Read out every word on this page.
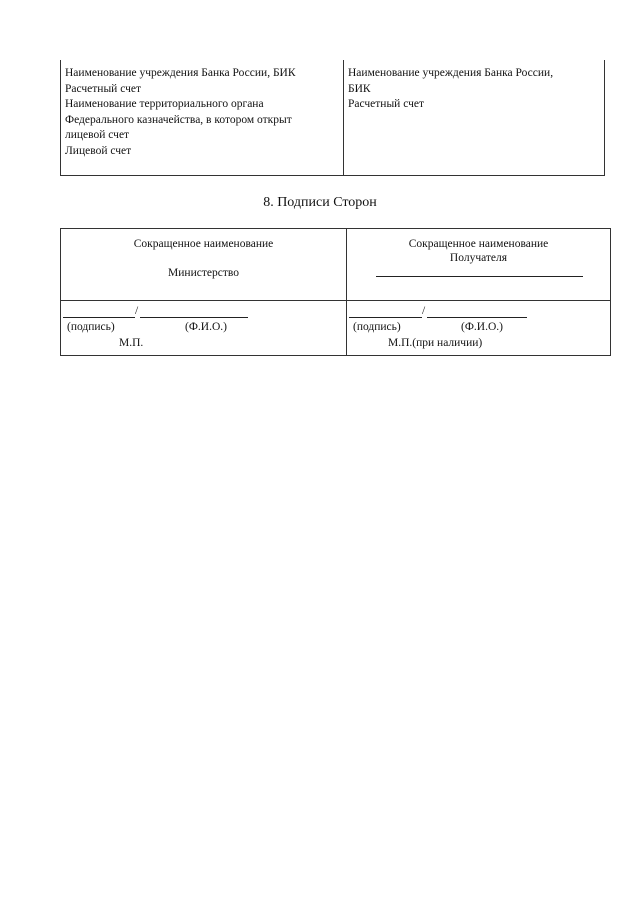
Наименование учреждения Банка России, БИК
Расчетный счет
Наименование территориального органа
Федерального казначейства, в котором открыт
лицевой счет
Лицевой счет
Наименование учреждения Банка России,
БИК
Расчетный счет
8. Подписи Сторон
Сокращенное наименование
Министерство
Сокращенное наименование
Получателя
/
(подпись)	(Ф.И.О.)
М.П.
/
(подпись)	(Ф.И.О.)
М.П.(при наличии)
